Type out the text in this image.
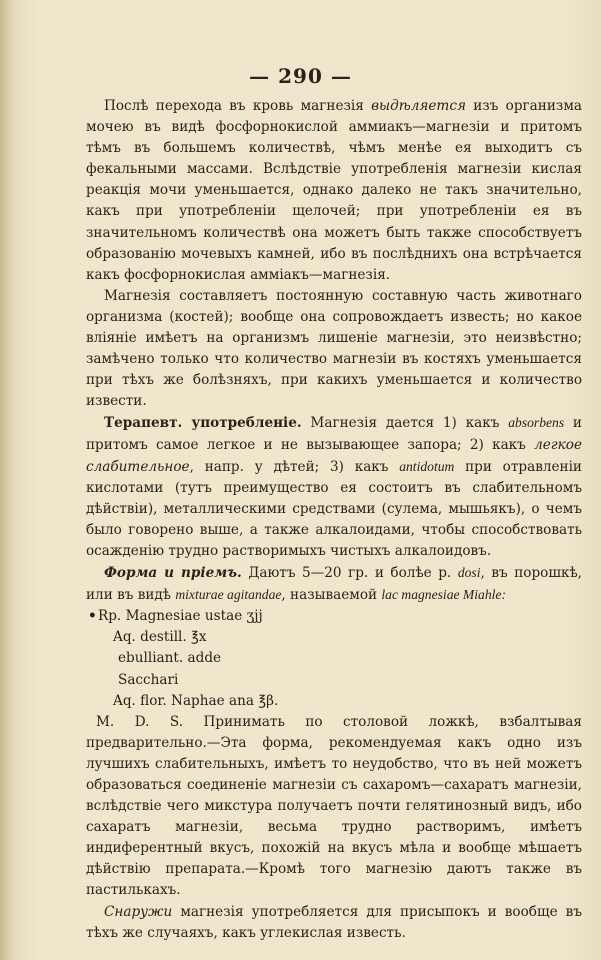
— 290 —

Послѣ перехода въ кровь магнезія выдѣляется изъ организма мочею въ видѣ фосфорнокислой аммиакъ—магнезіи и притомъ тѣмъ въ большемъ количествѣ, чѣмъ менѣе ея выходитъ съ фекальными массами. Вслѣдствіе употребленія магнезіи кислая реакція мочи уменьшается, однако далеко не такъ значительно, какъ при употребленіи щелочей; при употребленіи ея въ значительномъ количествѣ она можетъ быть также способствуетъ образованію мочевыхъ камней, ибо въ послѣднихъ она встрѣчается какъ фосфорнокислая аммiакъ—магнезія.

Магнезія составляетъ постоянную составную часть животнаго организма (костей); вообще она сопровождаетъ известь; но какое вліяніе имѣетъ на организмъ лишеніе магнезіи, это неизвѣстно; замѣчено только что количество магнезіи въ костяхъ уменьшается при тѣхъ же болѣзняхъ, при какихъ уменьшается и количество извести.

Терапевт. употребленіе. Магнезія дается 1) какъ absorbens и притомъ самое легкое и не вызывающее запора; 2) какъ легкое слабительное, напр. у дѣтей; 3) какъ antidotum при отравленіи кислотами (тутъ преимущество ея состоитъ въ слабительномъ дѣйствіи), металлическими средствами (сулема, мышьякъ), о чемъ было говорено выше, а также алкалоидами, чтобы способствовать осажденію трудно растворимыхъ чистыхъ алкалоидовъ.

Форма и пріемъ. Даютъ 5—20 гр. и болѣе р. dosi, въ порошкѣ, или въ видѣ mixturae agitandae, называемой lac magnesiae Miahle:

•Rp. Magnesiae ustae ʒjj

Aq. destill. ℥x

ebulliant. adde

Sacchari

Aq. flor. Naphae ana ℥β.

M. D. S. Принимать по столовой ложкѣ, взбалтывая предварительно.—Эта форма, рекомендуемая какъ одно изъ лучшихъ слабительныхъ, имѣетъ то неудобство, что въ ней можетъ образоваться соединеніе магнезіи съ сахаромъ—сахаратъ магнезіи, вслѣдствіе чего микстура получаетъ почти гелятинозный видъ, ибо сахаратъ магнезіи, весьма трудно растворимъ, имѣетъ индиферентный вкусъ, похожій на вкусъ мѣла и вообще мѣшаетъ дѣйствію препарата.—Кромѣ того магнезію даютъ также въ пастилькахъ.

Снаружи магнезія употребляется для присыпокъ и вообще въ тѣхъ же случаяхъ, какъ углекислая известь.
